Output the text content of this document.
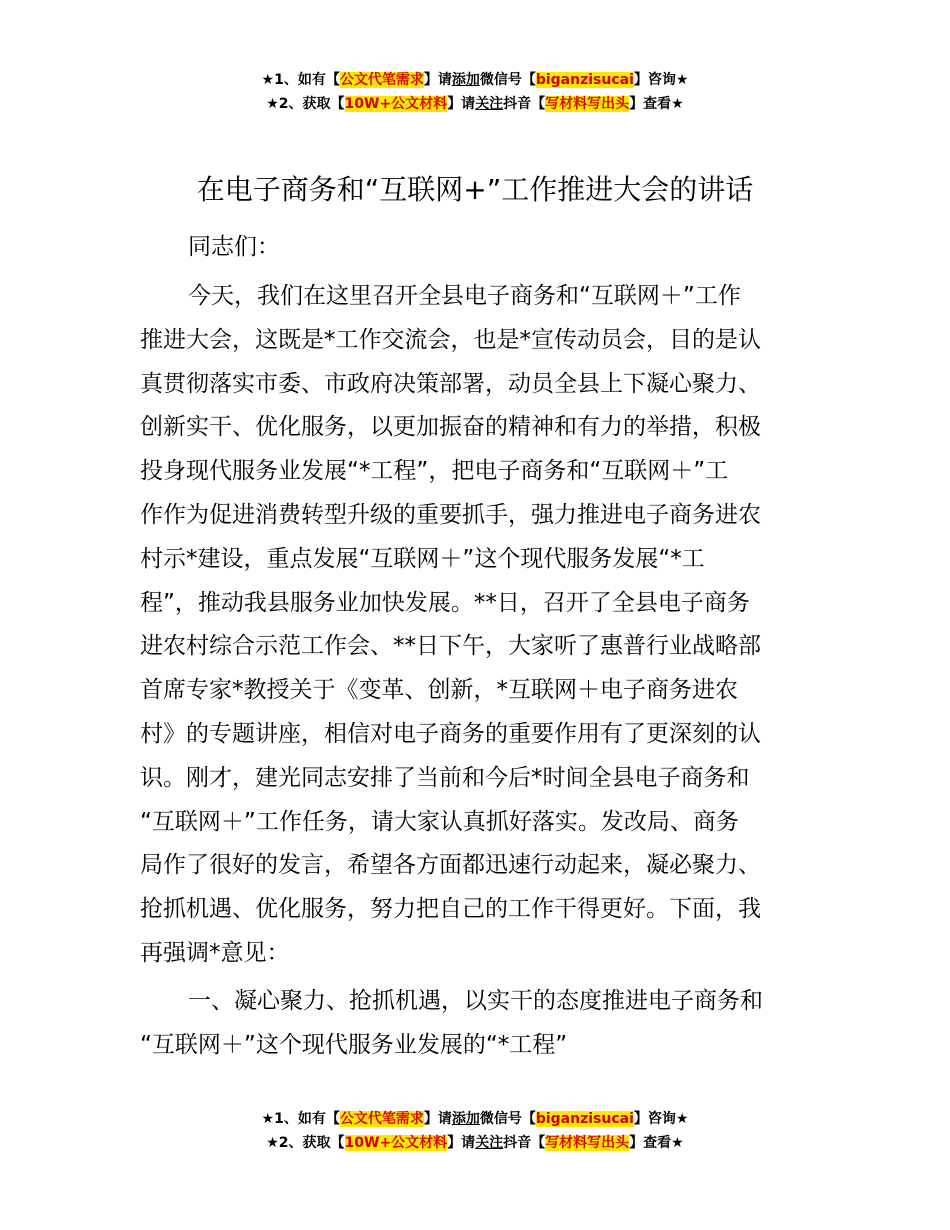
★1、如有【公文代笔需求】请添加微信号【biganzisucai】咨询★
★2、获取【10W+公文材料】请关注抖音【写材料写出头】查看★
在电子商务和“互联网+”工作推进大会的讲话
同志们：
今天，我们在这里召开全县电子商务和“互联网＋”工作
推进大会，这既是*工作交流会，也是*宣传动员会，目的是认
真贯彻落实市委、市政府决策部署，动员全县上下凝心聚力、
创新实干、优化服务，以更加振奋的精神和有力的举措，积极
投身现代服务业发展“*工程”，把电子商务和“互联网＋”工
作作为促进消费转型升级的重要抓手，强力推进电子商务进农
村示*建设，重点发展“互联网＋”这个现代服务发展“*工
程”，推动我县服务业加快发展。**日，召开了全县电子商务
进农村综合示范工作会、**日下午，大家听了惠普行业战略部
首席专家*教授关于《变革、创新，*互联网＋电子商务进农
村》的专题讲座，相信对电子商务的重要作用有了更深刻的认
识。刚才，建光同志安排了当前和今后*时间全县电子商务和
“互联网＋”工作任务，请大家认真抓好落实。发改局、商务
局作了很好的发言，希望各方面都迅速行动起来，凝必聚力、
抢抓机遇、优化服务，努力把自己的工作干得更好。下面，我
再强调*意见：
一、凝心聚力、抢抓机遇，以实干的态度推进电子商务和
“互联网＋”这个现代服务业发展的“*工程”
★1、如有【公文代笔需求】请添加微信号【biganzisucai】咨询★
★2、获取【10W+公文材料】请关注抖音【写材料写出头】查看★
